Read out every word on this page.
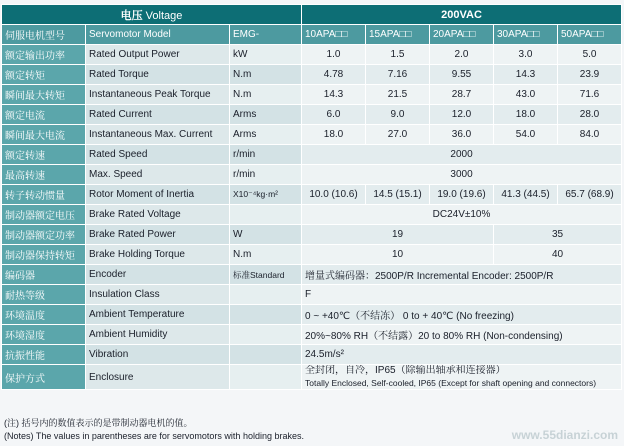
电压 Voltage			200VAC				
伺服电机型号	Servomotor Model	EMG-	10APA□□	15APA□□	20APA□□	30APA□□	50APA□□
额定输出功率	Rated Output Power	kW	1.0	1.5	2.0	3.0	5.0
额定转矩	Rated Torque	N.m	4.78	7.16	9.55	14.3	23.9
瞬间最大转矩	Instantaneous Peak Torque	N.m	14.3	21.5	28.7	43.0	71.6
额定电流	Rated Current	Arms	6.0	9.0	12.0	18.0	28.0
瞬间最大电流	Instantaneous Max. Current	Arms	18.0	27.0	36.0	54.0	84.0
额定转速	Rated Speed	r/min	2000				
最高转速	Max. Speed	r/min	3000				
转子转动惯量	Rotor Moment of Inertia	X10⁻⁴kg·m²	10.0 (10.6)	14.5 (15.1)	19.0 (19.6)	41.3 (44.5)	65.7 (68.9)
制动器额定电压	Brake Rated Voltage		DC24V±10%				
制动器额定功率	Brake Rated Power	W	19			35	
制动器保持转矩	Brake Holding Torque	N.m	10			40	
编码器	Encoder	标准Standard	增量式编码器：2500P/R Incremental Encoder: 2500P/R				
耐热等级	Insulation Class		F				
环境温度	Ambient Temperature		0 ~ +40℃（不结冻） 0 to + 40℃ (No freezing)				
环境湿度	Ambient Humidity		20%~80% RH（不结露）20 to 80% RH (Non-condensing)				
抗振性能	Vibration		24.5m/s²				
保护方式	Enclosure		全封闭，自冷，IP65（除输出轴承和连接器）
Totally Enclosed, Self-cooled, IP65 (Except for shaft opening and connectors)				
(注) 括号内的数值表示的是带制动器电机的值。
(Notes) The values in parentheses are for servomotors with holding brakes.	www.55dianzi.com
